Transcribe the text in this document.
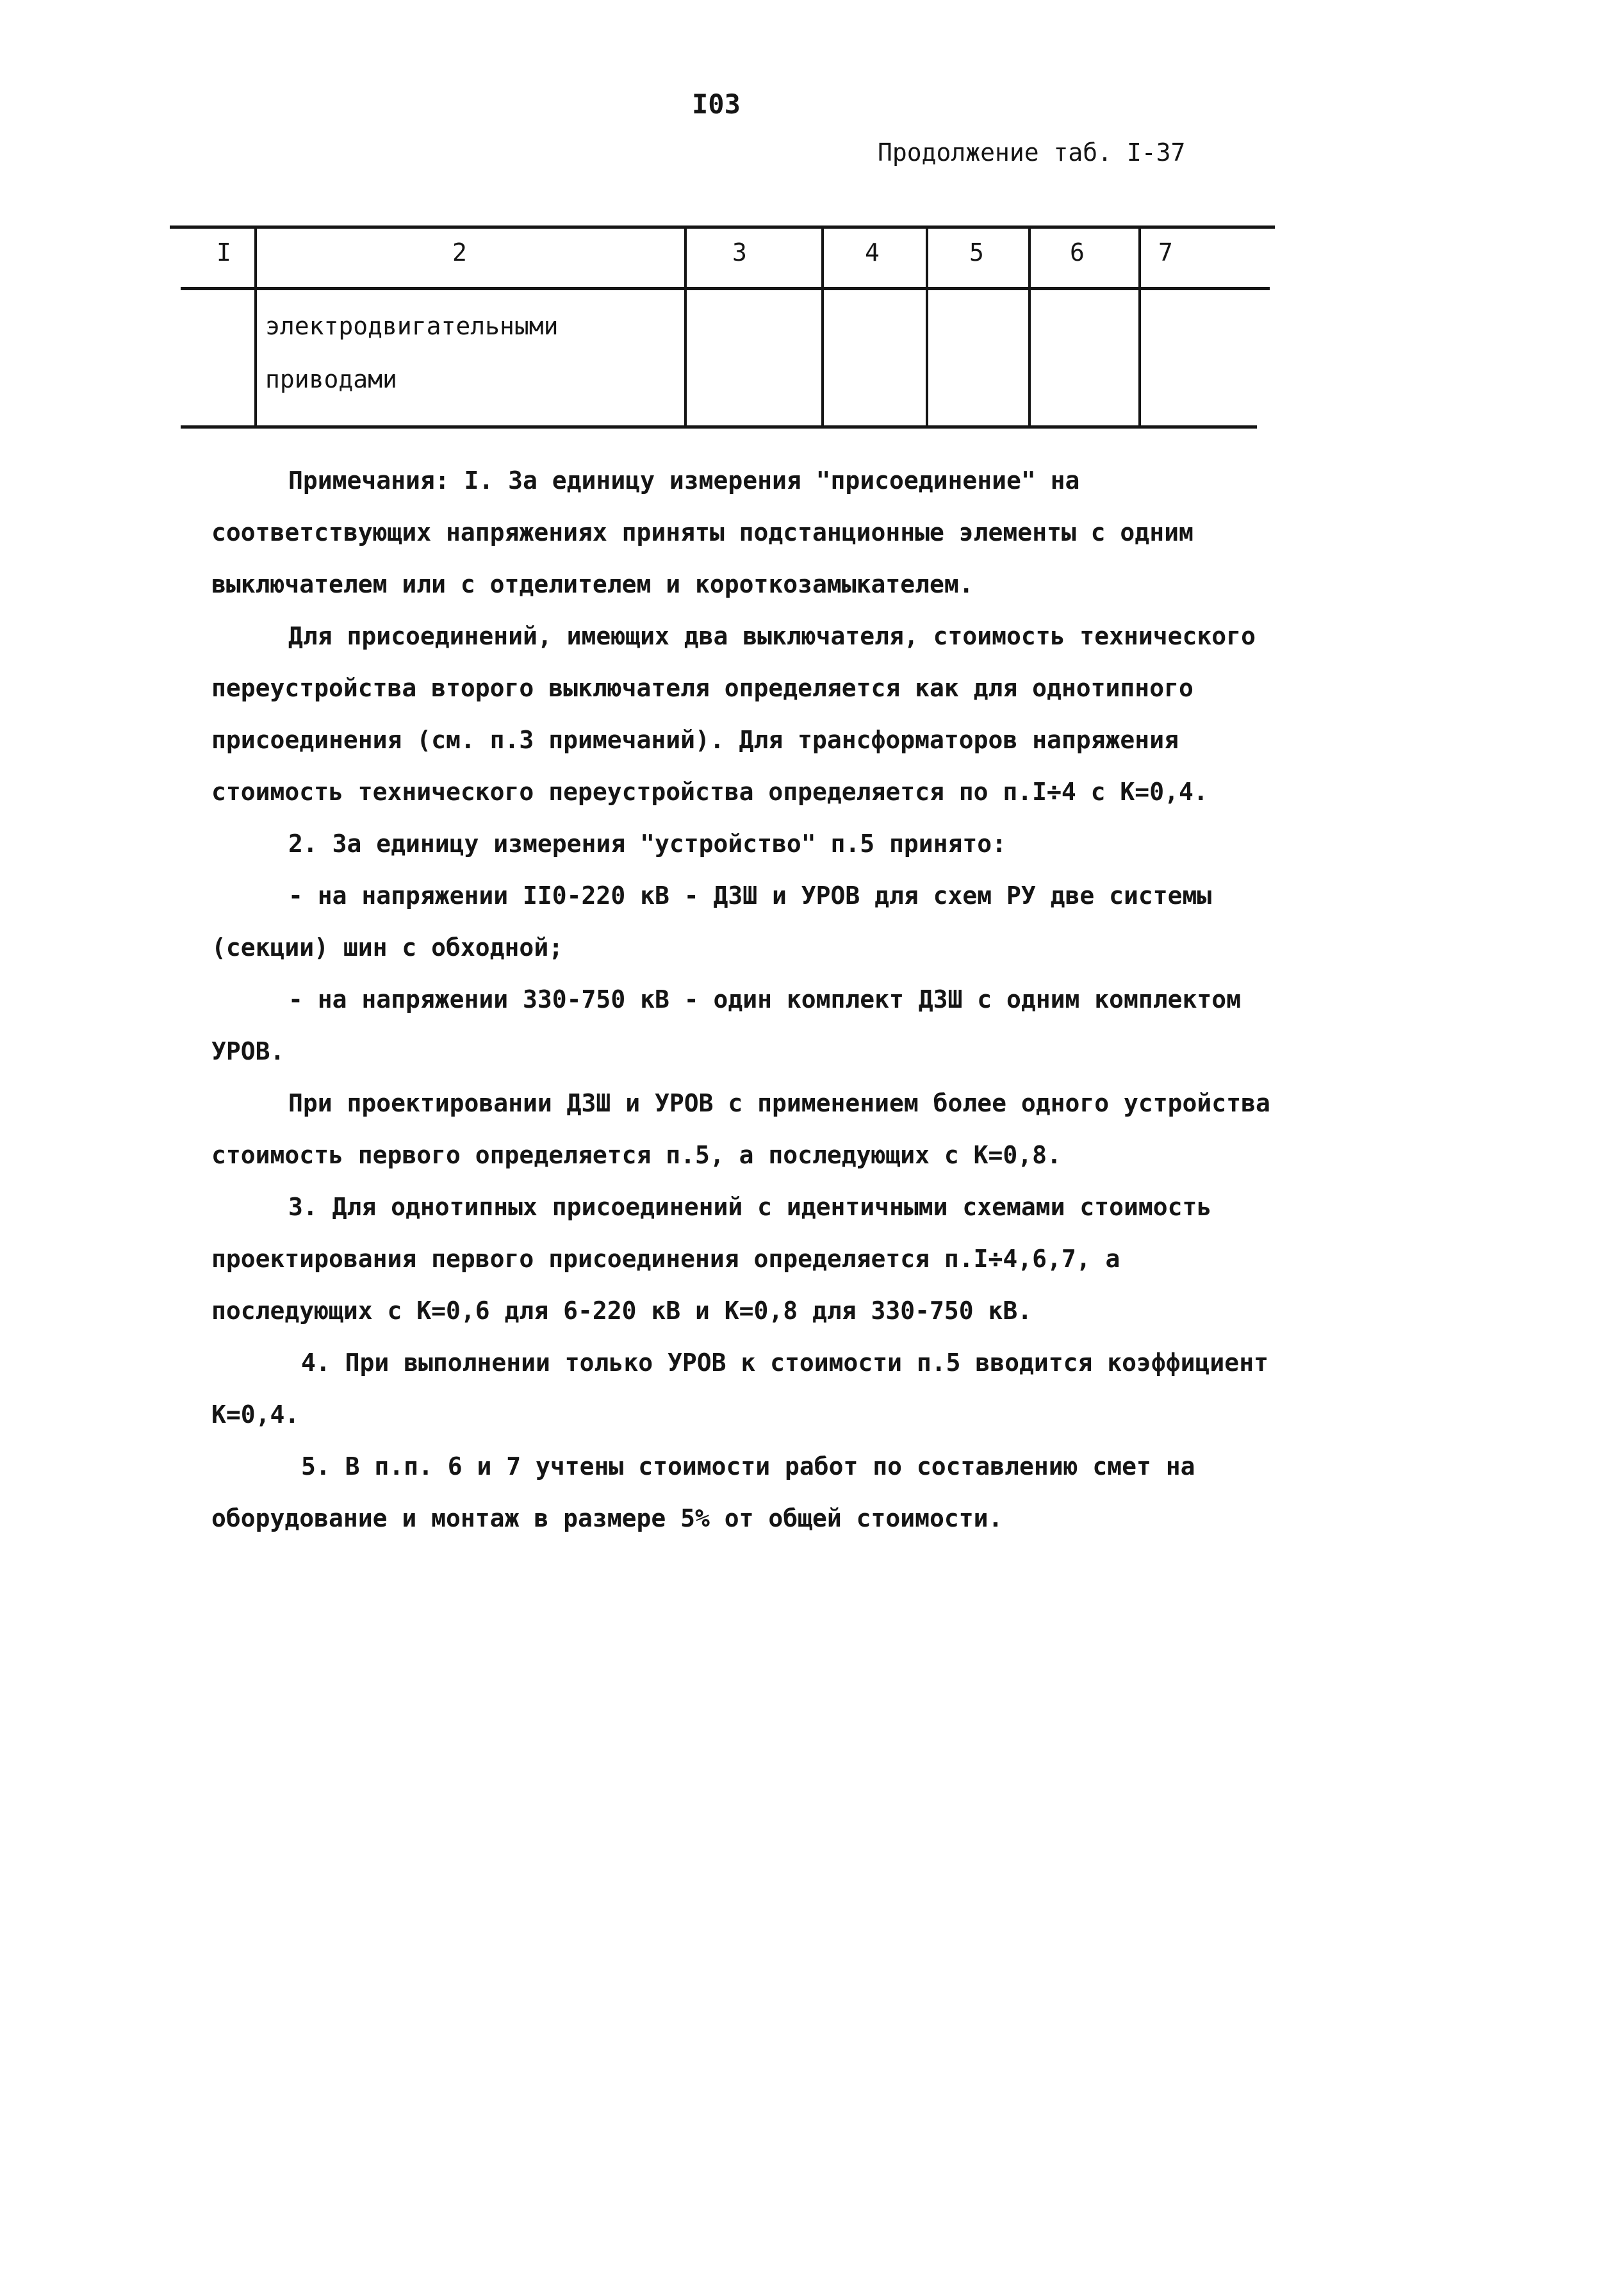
I03
Продолжение таб. I-37
I	2	3	4	5	6	7
электродвигательными
приводами

Примечания: I. За единицу измерения "присоединение" на соответствующих напряжениях приняты подстанционные элементы с одним выключателем или с отделителем и короткозамыкателем.

Для присоединений, имеющих два выключателя, стоимость технического переустройства второго выключателя определяется как для однотипного присоединения (см. п.3 примечаний). Для трансформаторов напряжения стоимость технического переустройства определяется по п.I÷4 с К=0,4.

2. За единицу измерения "устройство" п.5 принято:

- на напряжении II0-220 кВ - ДЗШ и УРОВ для схем РУ две системы (секции) шин с обходной;

- на напряжении 330-750 кВ - один комплект ДЗШ с одним комплектом УРОВ.

При проектировании ДЗШ и УРОВ с применением более одного устройства стоимость первого определяется п.5, а последующих с К=0,8.

3. Для однотипных присоединений с идентичными схемами стоимость проектирования первого присоединения определяется п.I÷4,6,7, а последующих с К=0,6 для 6-220 кВ и К=0,8 для 330-750 кВ.

4. При выполнении только УРОВ к стоимости п.5 вводится коэффициент К=0,4.

5. В п.п. 6 и 7 учтены стоимости работ по составлению смет на оборудование и монтаж в размере 5% от общей стоимости.
